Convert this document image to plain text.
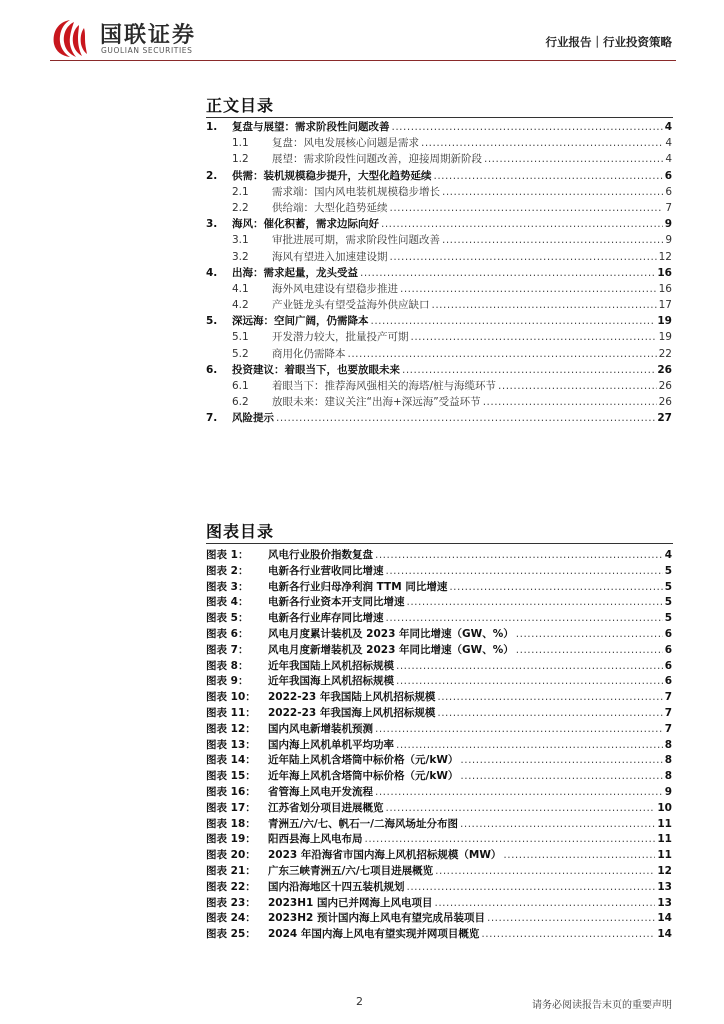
国联证券
GUOLIAN SECURITIES
行业报告｜行业投资策略
正文目录
1.	复盘与展望：需求阶段性问题改善 .....	4
1.1	复盘：风电发展核心问题是需求 .....	4
1.2	展望：需求阶段性问题改善，迎接周期新阶段 .....	4
2.	供需：装机规模稳步提升，大型化趋势延续 .....	6
2.1	需求端：国内风电装机规模稳步增长 .....	6
2.2	供给端：大型化趋势延续 .....	7
3.	海风：催化积蓄，需求边际向好 .....	9
3.1	审批进展可期，需求阶段性问题改善 .....	9
3.2	海风有望进入加速建设期 .....	12
4.	出海：需求起量，龙头受益 .....	16
4.1	海外风电建设有望稳步推进 .....	16
4.2	产业链龙头有望受益海外供应缺口 .....	17
5.	深远海：空间广阔，仍需降本 .....	19
5.1	开发潜力较大，批量投产可期 .....	19
5.2	商用化仍需降本 .....	22
6.	投资建议：着眼当下，也要放眼未来 .....	26
6.1	着眼当下：推荐海风强相关的海塔/桩与海缆环节 .....	26
6.2	放眼未来：建议关注“出海+深远海”受益环节 .....	26
7.	风险提示 .....	27
图表目录
图表 1：	风电行业股价指数复盘 .....	4
图表 2：	电新各行业营收同比增速 .....	5
图表 3：	电新各行业归母净利润 TTM 同比增速 .....	5
图表 4：	电新各行业资本开支同比增速 .....	5
图表 5：	电新各行业库存同比增速 .....	5
图表 6：	风电月度累计装机及 2023 年同比增速（GW、%） .....	6
图表 7：	风电月度新增装机及 2023 年同比增速（GW、%） .....	6
图表 8：	近年我国陆上风机招标规模 .....	6
图表 9：	近年我国海上风机招标规模 .....	6
图表 10：	2022-23 年我国陆上风机招标规模 .....	7
图表 11：	2022-23 年我国海上风机招标规模 .....	7
图表 12：	国内风电新增装机预测 .....	7
图表 13：	国内海上风机单机平均功率 .....	8
图表 14：	近年陆上风机含塔筒中标价格（元/kW） .....	8
图表 15：	近年海上风机含塔筒中标价格（元/kW） .....	8
图表 16：	省管海上风电开发流程 .....	9
图表 17：	江苏省划分项目进展概览 .....	10
图表 18：	青洲五/六/七、帆石一/二海风场址分布图 .....	11
图表 19：	阳西县海上风电布局 .....	11
图表 20：	2023 年沿海省市国内海上风机招标规模（MW） .....	11
图表 21：	广东三峡青洲五/六/七项目进展概览 .....	12
图表 22：	国内沿海地区十四五装机规划 .....	13
图表 23：	2023H1 国内已并网海上风电项目 .....	13
图表 24：	2023H2 预计国内海上风电有望完成吊装项目 .....	14
图表 25：	2024 年国内海上风电有望实现并网项目概览 .....	14
2	请务必阅读报告末页的重要声明
